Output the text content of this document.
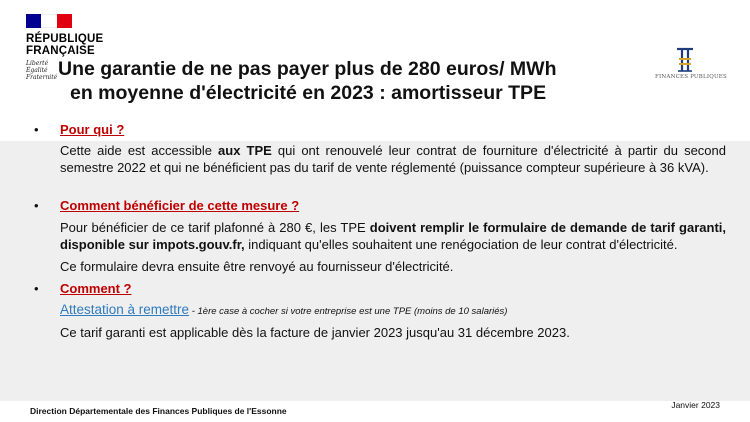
RÉPUBLIQUE
FRANÇAISE
Liberté
Égalité
Fraternité	FINANCES PUBLIQUES
Une garantie de ne pas payer plus de 280 euros/ MWh
en moyenne d'électricité en 2023 : amortisseur TPE
•	Pour qui ?
Cette aide est accessible aux TPE qui ont renouvelé leur contrat de fourniture d'électricité à partir du second semestre 2022 et qui ne bénéficient pas du tarif de vente réglementé (puissance compteur supérieure à 36 kVA).
•	Comment bénéficier de cette mesure ?
Pour bénéficier de ce tarif plafonné à 280 €, les TPE doivent remplir le formulaire de demande de tarif garanti, disponible sur impots.gouv.fr, indiquant qu'elles souhaitent une renégociation de leur contrat d'électricité.
Ce formulaire devra ensuite être renvoyé au fournisseur d'électricité.
•	Comment ?
Attestation à remettre - 1ère case à cocher si votre entreprise est une TPE (moins de 10 salariés)
Ce tarif garanti est applicable dès la facture de janvier 2023 jusqu'au 31 décembre 2023.
Direction Départementale des Finances Publiques de l'Essonne
Janvier 2023
